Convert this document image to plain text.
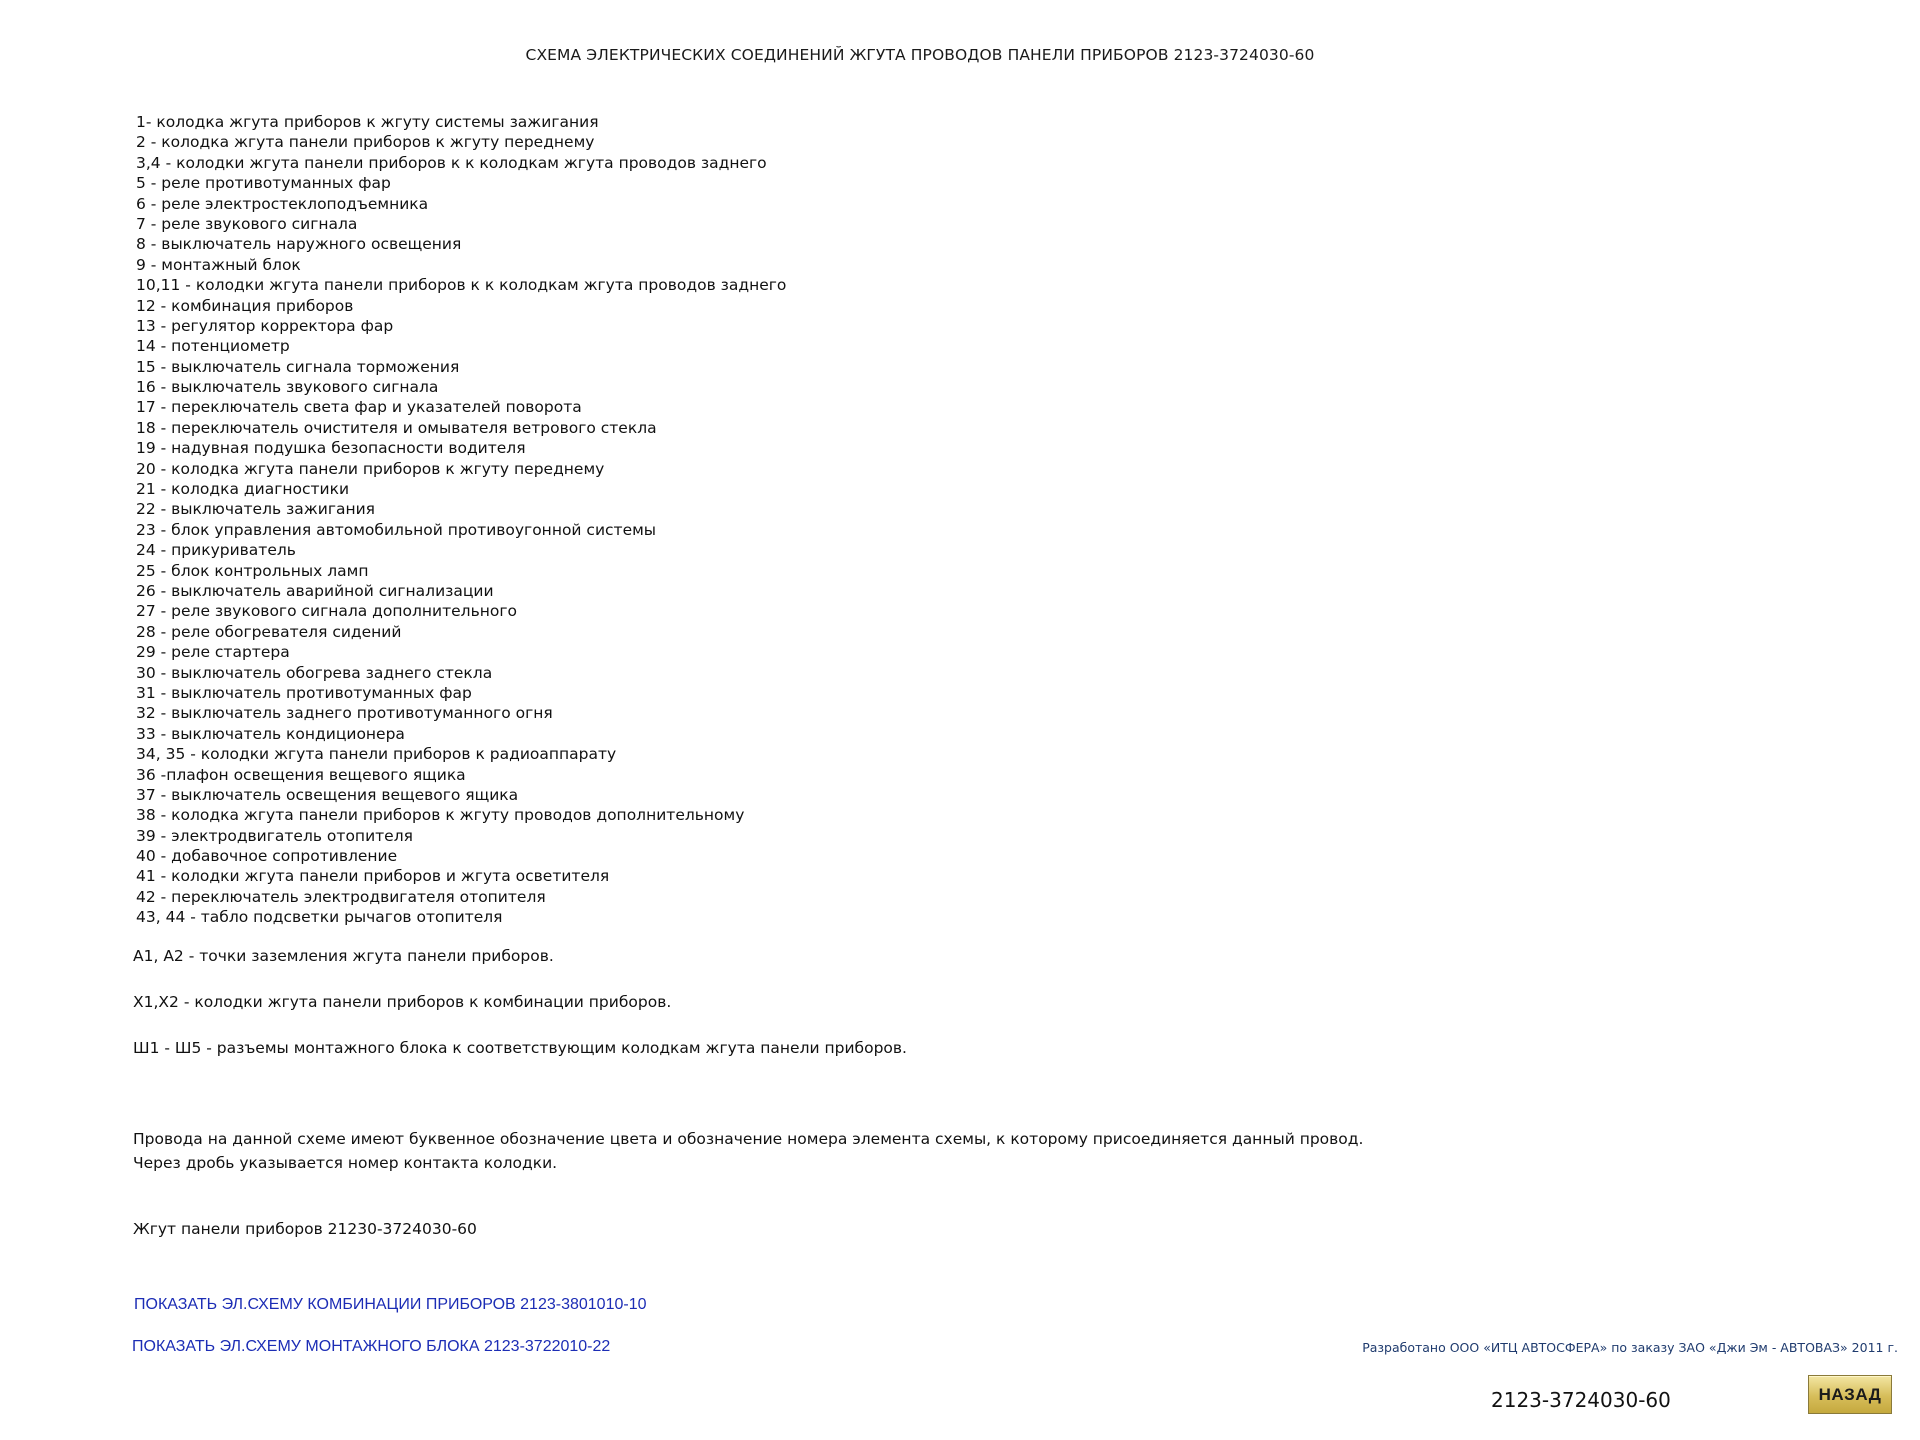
СХЕМА ЭЛЕКТРИЧЕСКИХ СОЕДИНЕНИЙ ЖГУТА ПРОВОДОВ ПАНЕЛИ ПРИБОРОВ 2123-3724030-60
1- колодка жгута приборов к жгуту системы зажигания
2 - колодка жгута панели приборов к жгуту переднему
3,4 - колодки жгута панели приборов к к колодкам жгута проводов заднего
5 - реле противотуманных фар
6 - реле электростеклоподъемника
7 - реле звукового сигнала
8 - выключатель наружного освещения
9 - монтажный блок
10,11 - колодки жгута панели приборов к к колодкам жгута проводов заднего
12 - комбинация приборов
13 - регулятор корректора фар
14 - потенциометр
15 - выключатель сигнала торможения
16 - выключатель звукового сигнала
17 - переключатель света фар и указателей поворота
18 - переключатель очистителя и омывателя ветрового стекла
19 - надувная подушка безопасности водителя
20 - колодка жгута панели приборов к жгуту переднему
21 - колодка диагностики
22 - выключатель зажигания
23 - блок управления автомобильной противоугонной системы
24 - прикуриватель
25 - блок контрольных ламп
26 - выключатель аварийной сигнализации
27 - реле звукового сигнала дополнительного
28 - реле обогревателя сидений
29 - реле стартера
30 - выключатель обогрева заднего стекла
31 - выключатель противотуманных фар
32 - выключатель заднего противотуманного огня
33 - выключатель кондиционера
34, 35 - колодки жгута панели приборов к радиоаппарату
36 -плафон освещения вещевого ящика
37 - выключатель освещения вещевого ящика
38 - колодка жгута панели приборов к жгуту проводов дополнительному
39 - электродвигатель отопителя
40 - добавочное сопротивление
41 - колодки жгута панели приборов и жгута осветителя
42 - переключатель электродвигателя отопителя
43, 44 - табло подсветки рычагов отопителя
А1, А2 - точки заземления жгута панели приборов.
Х1,Х2 - колодки жгута панели приборов к комбинации приборов.
Ш1 - Ш5 - разъемы монтажного блока к соответствующим колодкам жгута панели приборов.
Провода на данной схеме имеют буквенное обозначение цвета и обозначение номера элемента схемы, к которому присоединяется данный провод.
Через дробь указывается номер контакта колодки.
Жгут панели приборов 21230-3724030-60
ПОКАЗАТЬ ЭЛ.СХЕМУ КОМБИНАЦИИ ПРИБОРОВ 2123-3801010-10
ПОКАЗАТЬ ЭЛ.СХЕМУ МОНТАЖНОГО БЛОКА 2123-3722010-22	Разработано ООО «ИТЦ АВТОСФЕРА» по заказу ЗАО «Джи Эм - АВТОВАЗ» 2011 г.
2123-3724030-60	НАЗАД
